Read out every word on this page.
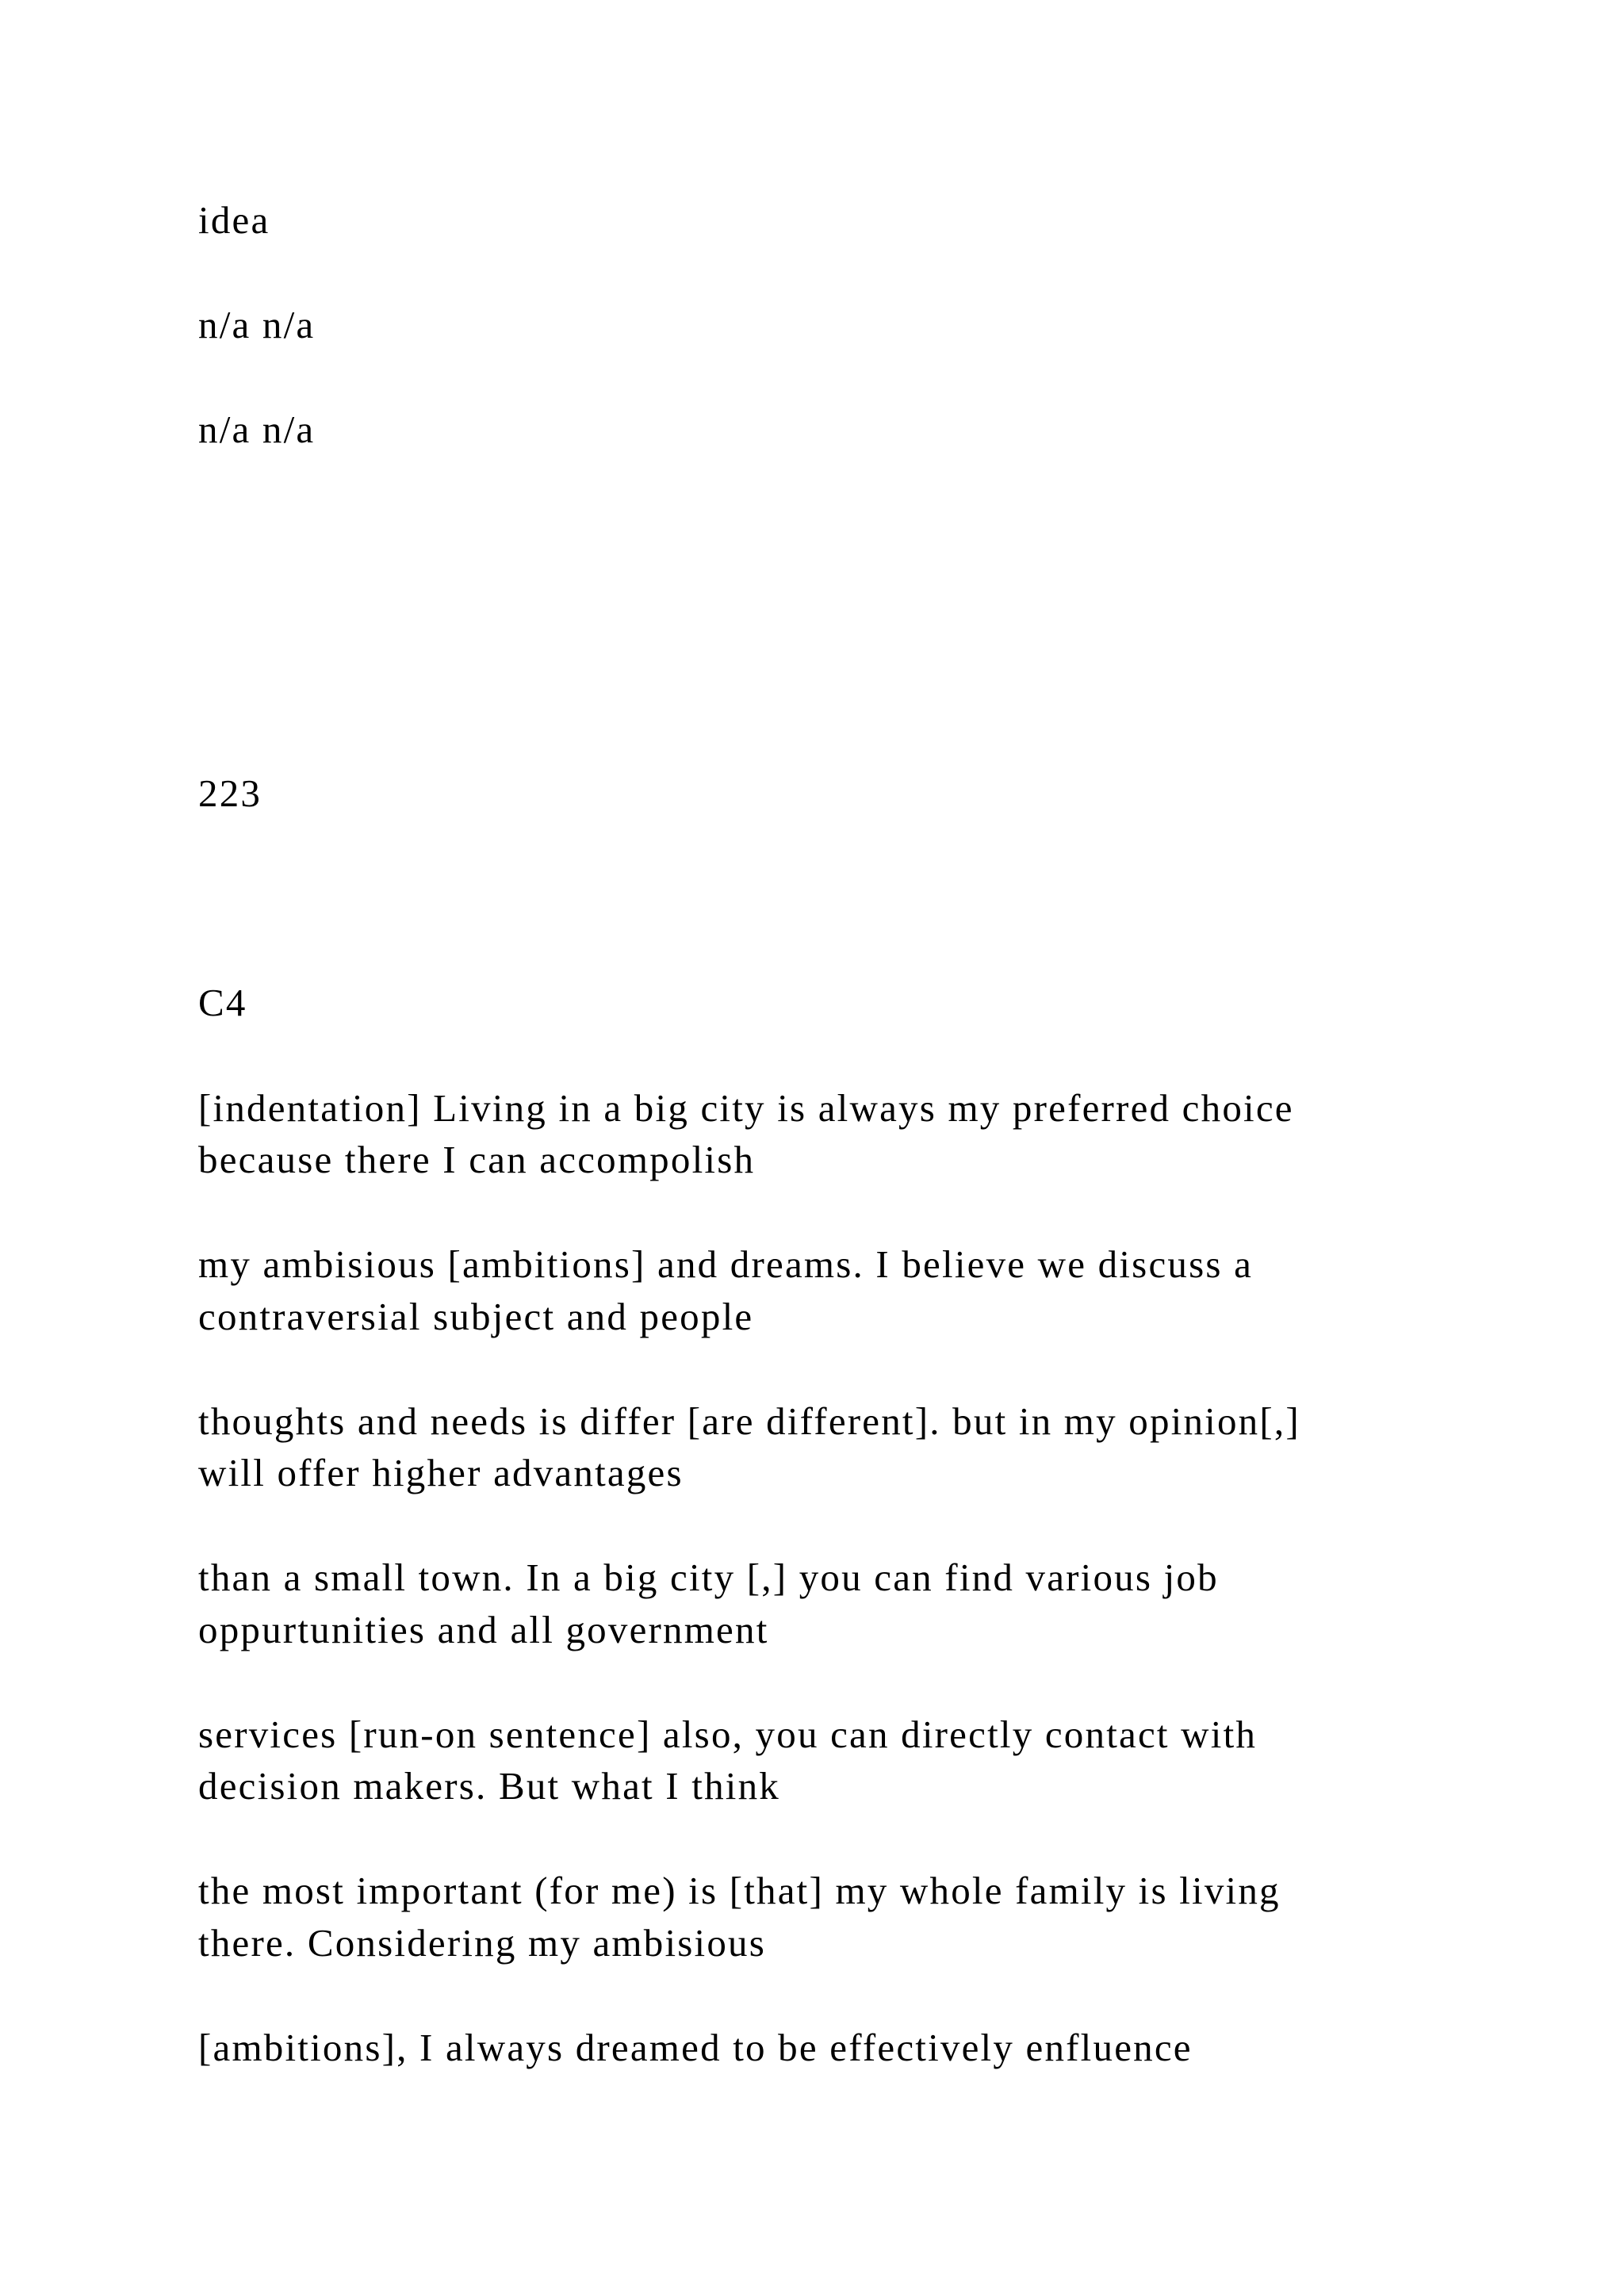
idea

n/a n/a

n/a n/a

223

C4

[indentation] Living in a big city is always my preferred choice

because there I can accompolish

my ambisious [ambitions] and dreams. I believe we discuss a

contraversial subject and people

thoughts and needs is differ [are different]. but in my opinion[,]

will offer higher advantages

than a small town. In a big city [,] you can find various job

oppurtunities and all government

services [run-on sentence] also, you can directly contact with

decision makers. But what I think

the most important (for me) is [that] my whole family is living

there. Considering my ambisious

[ambitions], I always dreamed to be effectively enfluence
